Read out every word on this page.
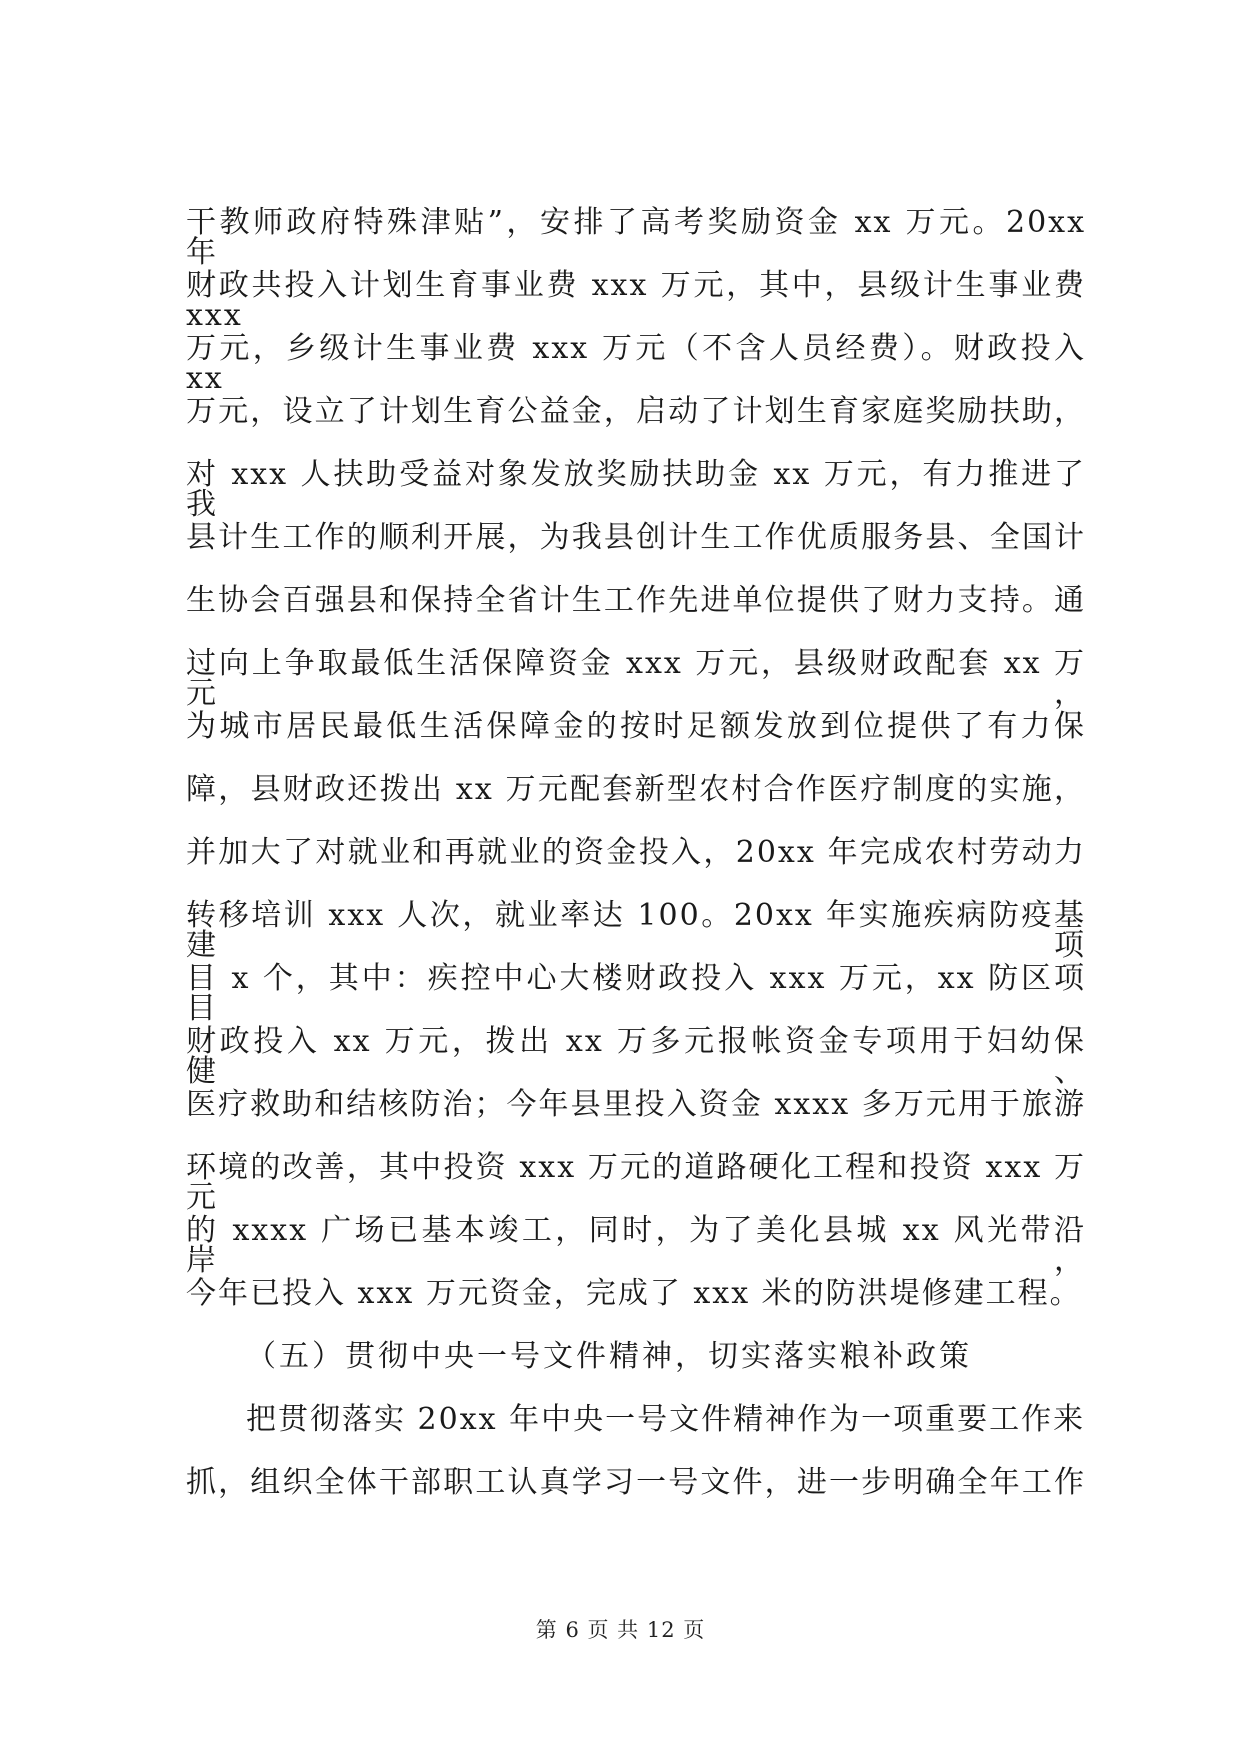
干教师政府特殊津贴”，安排了高考奖励资金 xx 万元。20xx 年
财政共投入计划生育事业费 xxx 万元，其中，县级计生事业费 xxx
万元，乡级计生事业费 xxx 万元（不含人员经费）。财政投入 xx
万元，设立了计划生育公益金，启动了计划生育家庭奖励扶助，
对 xxx 人扶助受益对象发放奖励扶助金 xx 万元，有力推进了我
县计生工作的顺利开展，为我县创计生工作优质服务县、全国计
生协会百强县和保持全省计生工作先进单位提供了财力支持。通
过向上争取最低生活保障资金 xxx 万元，县级财政配套 xx 万元，
为城市居民最低生活保障金的按时足额发放到位提供了有力保
障，县财政还拨出 xx 万元配套新型农村合作医疗制度的实施，
并加大了对就业和再就业的资金投入，20xx 年完成农村劳动力
转移培训 xxx 人次，就业率达 100。20xx 年实施疾病防疫基建项
目 x 个，其中：疾控中心大楼财政投入 xxx 万元，xx 防区项目
财政投入 xx 万元，拨出 xx 万多元报帐资金专项用于妇幼保健、
医疗救助和结核防治；今年县里投入资金 xxxx 多万元用于旅游
环境的改善，其中投资 xxx 万元的道路硬化工程和投资 xxx 万元
的 xxxx 广场已基本竣工，同时，为了美化县城 xx 风光带沿岸，
今年已投入 xxx 万元资金，完成了 xxx 米的防洪堤修建工程。
（五）贯彻中央一号文件精神，切实落实粮补政策
把贯彻落实 20xx 年中央一号文件精神作为一项重要工作来
抓，组织全体干部职工认真学习一号文件，进一步明确全年工作
第 6 页 共 12 页
